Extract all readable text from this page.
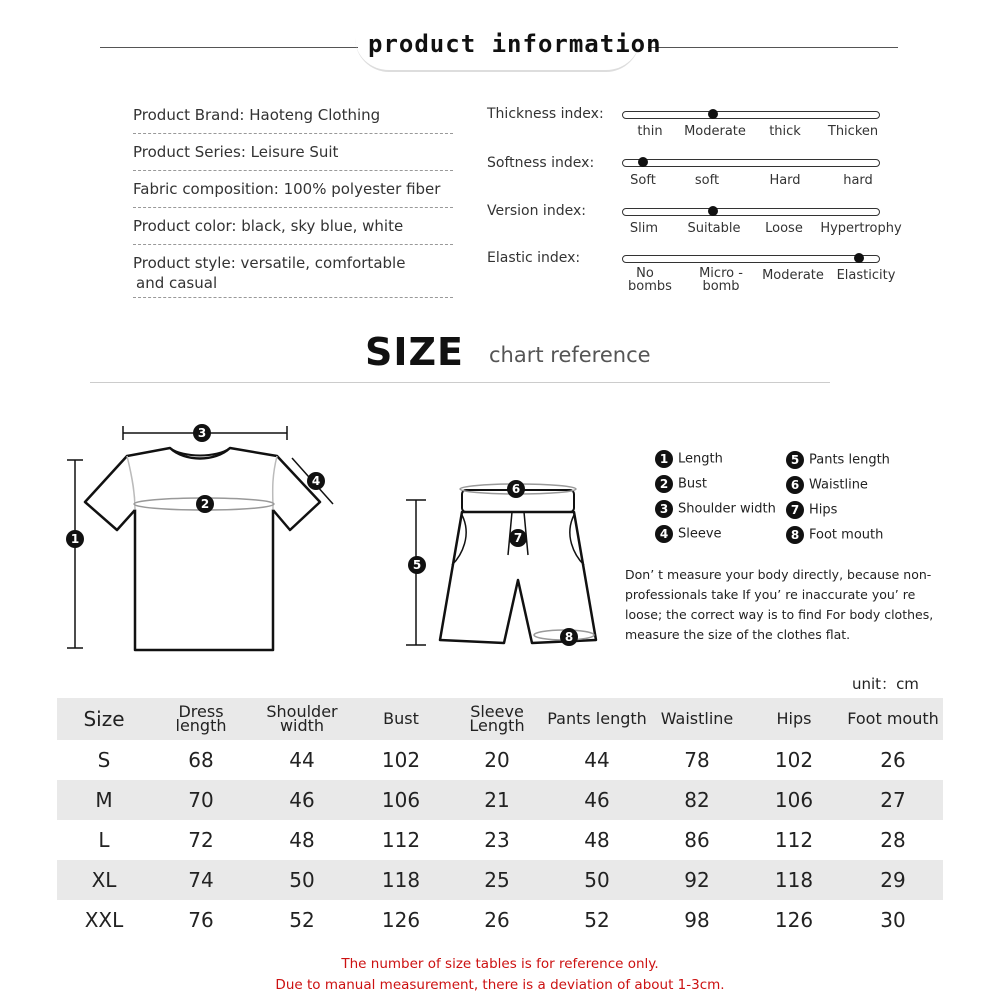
product information
Product Brand: Haoteng Clothing
Product Series: Leisure Suit
Fabric composition: 100% polyester fiber
Product color: black, sky blue, white
Product style: versatile, comfortable
and casual
Thickness index:
thin	Moderate	thick	Thicken
Softness index:
Soft	soft	Hard	hard
Version index:
Slim	Suitable	Loose	Hypertrophy
Elastic index:
No bombs
Micro -bomb
Moderate Elasticity
SIZE chart reference
3
2
4
1
6
7
5
8
1 Length
2 Bust
3 Shoulder width
4 Sleeve
5 Pants length
6 Waistline
7 Hips
8 Foot mouth
Don’ t measure your body directly, because non-professionals take If you’ re inaccurate you’ re loose; the correct way is to find For body clothes, measure the size of the clothes flat.
unit：cm
Size	Dress length	Shoulder width	Bust	Sleeve Length	Pants length	Waistline	Hips	Foot mouth
S	68	44	102	20	44	78	102	26
M	70	46	106	21	46	82	106	27
L	72	48	112	23	48	86	112	28
XL	74	50	118	25	50	92	118	29
XXL	76	52	126	26	52	98	126	30
The number of size tables is for reference only.
Due to manual measurement, there is a deviation of about 1-3cm.
